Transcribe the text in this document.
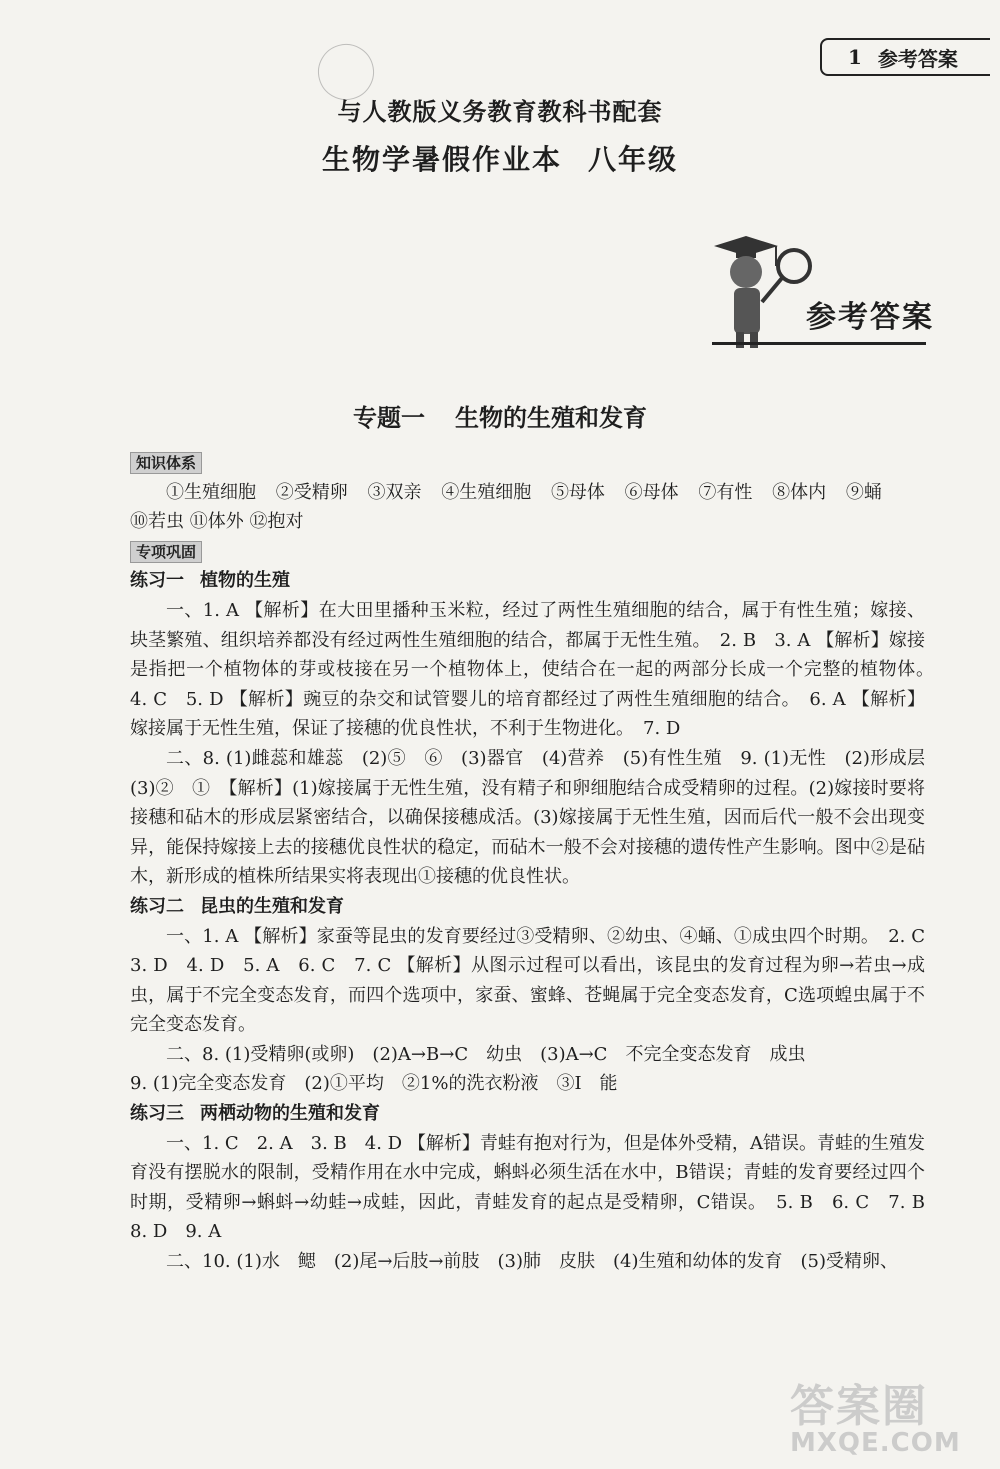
1 参考答案
与人教版义务教育教科书配套
生物学暑假作业本 八年级
参考答案
专题一 生物的生殖和发育
知识体系
①生殖细胞 ②受精卵 ③双亲 ④生殖细胞 ⑤母体 ⑥母体 ⑦有性 ⑧体内 ⑨蛹
⑩若虫 ⑪体外 ⑫抱对
专项巩固
练习一 植物的生殖
一、1. A 【解析】在大田里播种玉米粒，经过了两性生殖细胞的结合，属于有性生殖；嫁接、块茎繁殖、组织培养都没有经过两性生殖细胞的结合，都属于无性生殖。　2. B　3. A 【解析】嫁接是指把一个植物体的芽或枝接在另一个植物体上，使结合在一起的两部分长成一个完整的植物体。　4. C　5. D 【解析】豌豆的杂交和试管婴儿的培育都经过了两性生殖细胞的结合。　6. A 【解析】嫁接属于无性生殖，保证了接穗的优良性状，不利于生物进化。　7. D
二、8. (1)雌蕊和雄蕊　(2)⑤　⑥　(3)器官　(4)营养　(5)有性生殖　9. (1)无性　(2)形成层　(3)②　①　【解析】(1)嫁接属于无性生殖，没有精子和卵细胞结合成受精卵的过程。(2)嫁接时要将接穗和砧木的形成层紧密结合，以确保接穗成活。(3)嫁接属于无性生殖，因而后代一般不会出现变异，能保持嫁接上去的接穗优良性状的稳定，而砧木一般不会对接穗的遗传性产生影响。图中②是砧木，新形成的植株所结果实将表现出①接穗的优良性状。
练习二 昆虫的生殖和发育
一、1. A 【解析】家蚕等昆虫的发育要经过③受精卵、②幼虫、④蛹、①成虫四个时期。　2. C　3. D　4. D　5. A　6. C　7. C 【解析】从图示过程可以看出，该昆虫的发育过程为卵→若虫→成虫，属于不完全变态发育，而四个选项中，家蚕、蜜蜂、苍蝇属于完全变态发育，C选项蝗虫属于不完全变态发育。
二、8. (1)受精卵(或卵)　(2)A→B→C　幼虫　(3)A→C　不完全变态发育　成虫
9. (1)完全变态发育　(2)①平均　②1%的洗衣粉液　③Ⅰ　能
练习三 两栖动物的生殖和发育
一、1. C　2. A　3. B　4. D 【解析】青蛙有抱对行为，但是体外受精，A错误。青蛙的生殖发育没有摆脱水的限制，受精作用在水中完成，蝌蚪必须生活在水中，B错误；青蛙的发育要经过四个时期，受精卵→蝌蚪→幼蛙→成蛙，因此，青蛙发育的起点是受精卵，C错误。　5. B　6. C　7. B　8. D　9. A
二、10. (1)水　鳃　(2)尾→后肢→前肢　(3)肺　皮肤　(4)生殖和幼体的发育　(5)受精卵、
答案圈
MXQE.COM
